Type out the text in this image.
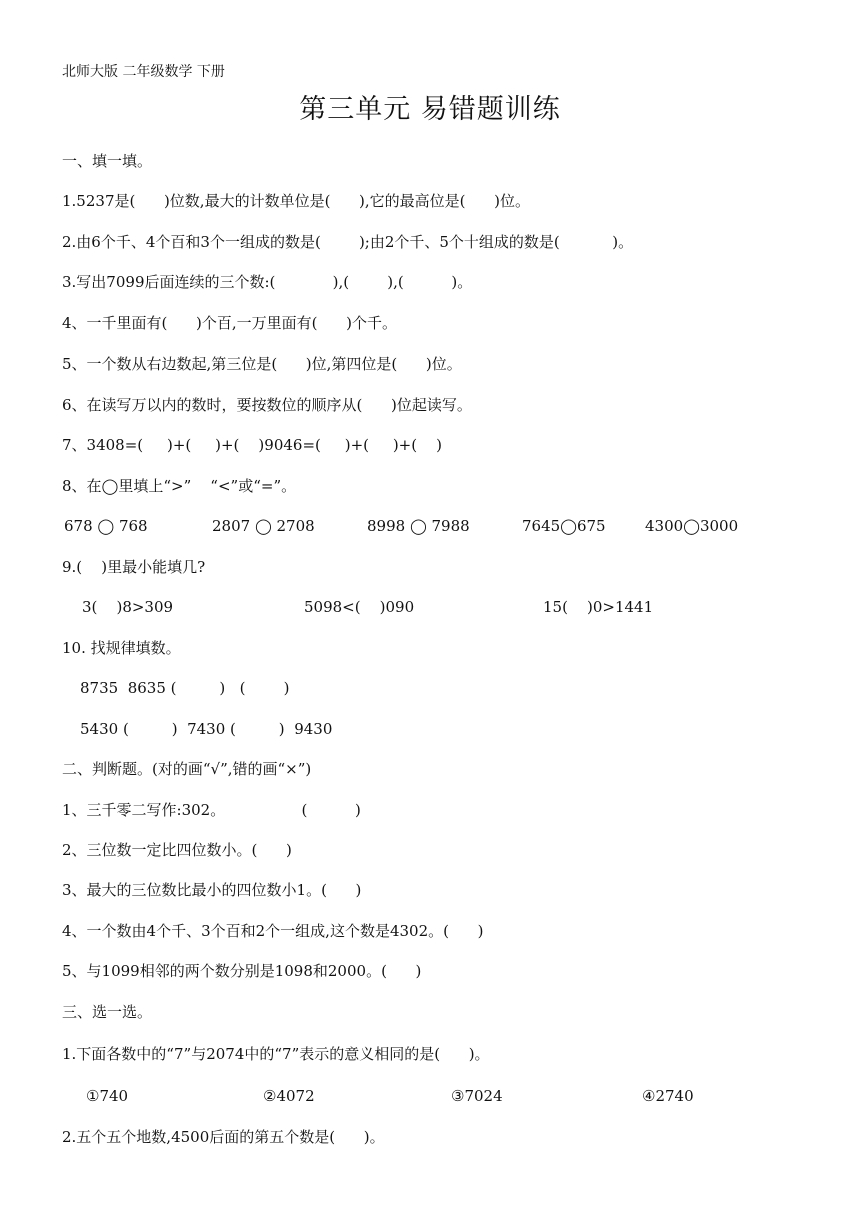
北师大版 二年级数学 下册
第三单元 易错题训练
一、填一填。
1.5237是(      )位数,最大的计数单位是(      ),它的最高位是(      )位。
2.由6个千、4个百和3个一组成的数是(        );由2个千、5个十组成的数是(           )。
3.写出7099后面连续的三个数:(            ),(        ),(          )。
4、一千里面有(      )个百,一万里面有(      )个千。
5、一个数从右边数起,第三位是(      )位,第四位是(      )位。
6、在读写万以内的数时，要按数位的顺序从(      )位起读写。
7、3408=(     )+(     )+(    )9046=(     )+(     )+(    )
8、在◯里填上“>”    “<”或“=”。
678 ◯ 768	2807 ◯ 2708	8998 ◯ 7988	7645◯675	4300◯3000
9.(    )里最小能填几?
3(    )8>309	5098<(    )090	15(    )0>1441
10. 找规律填数。
8735  8635 (         )   (        )
5430 (         )  7430 (         )  9430
二、判断题。(对的画“√”,错的画“×”)
1、三千零二写作:302。                (          )
2、三位数一定比四位数小。(      )
3、最大的三位数比最小的四位数小1。(      )
4、一个数由4个千、3个百和2个一组成,这个数是4302。(      )
5、与1099相邻的两个数分别是1098和2000。(      )
三、选一选。
1.下面各数中的“7”与2074中的“7”表示的意义相同的是(      )。
①740	②4072	③7024	④2740
2.五个五个地数,4500后面的第五个数是(      )。
